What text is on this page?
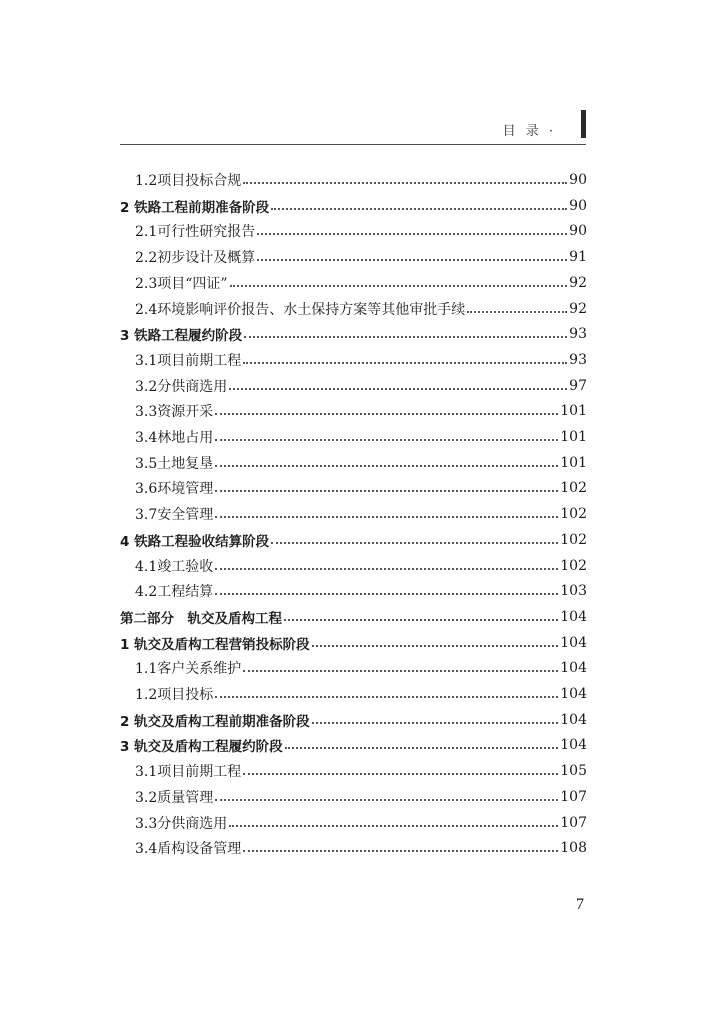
目 录 ·
1.2项目投标合规	90
2 铁路工程前期准备阶段	90
2.1可行性研究报告	90
2.2初步设计及概算	91
2.3项目“四证”	92
2.4环境影响评价报告、水土保持方案等其他审批手续	92
3 铁路工程履约阶段	93
3.1项目前期工程	93
3.2分供商选用	97
3.3资源开采	101
3.4林地占用	101
3.5土地复垦	101
3.6环境管理	102
3.7安全管理	102
4 铁路工程验收结算阶段	102
4.1竣工验收	102
4.2工程结算	103
第二部分　轨交及盾构工程	104
1 轨交及盾构工程营销投标阶段	104
1.1客户关系维护	104
1.2项目投标	104
2 轨交及盾构工程前期准备阶段	104
3 轨交及盾构工程履约阶段	104
3.1项目前期工程	105
3.2质量管理	107
3.3分供商选用	107
3.4盾构设备管理	108
7
